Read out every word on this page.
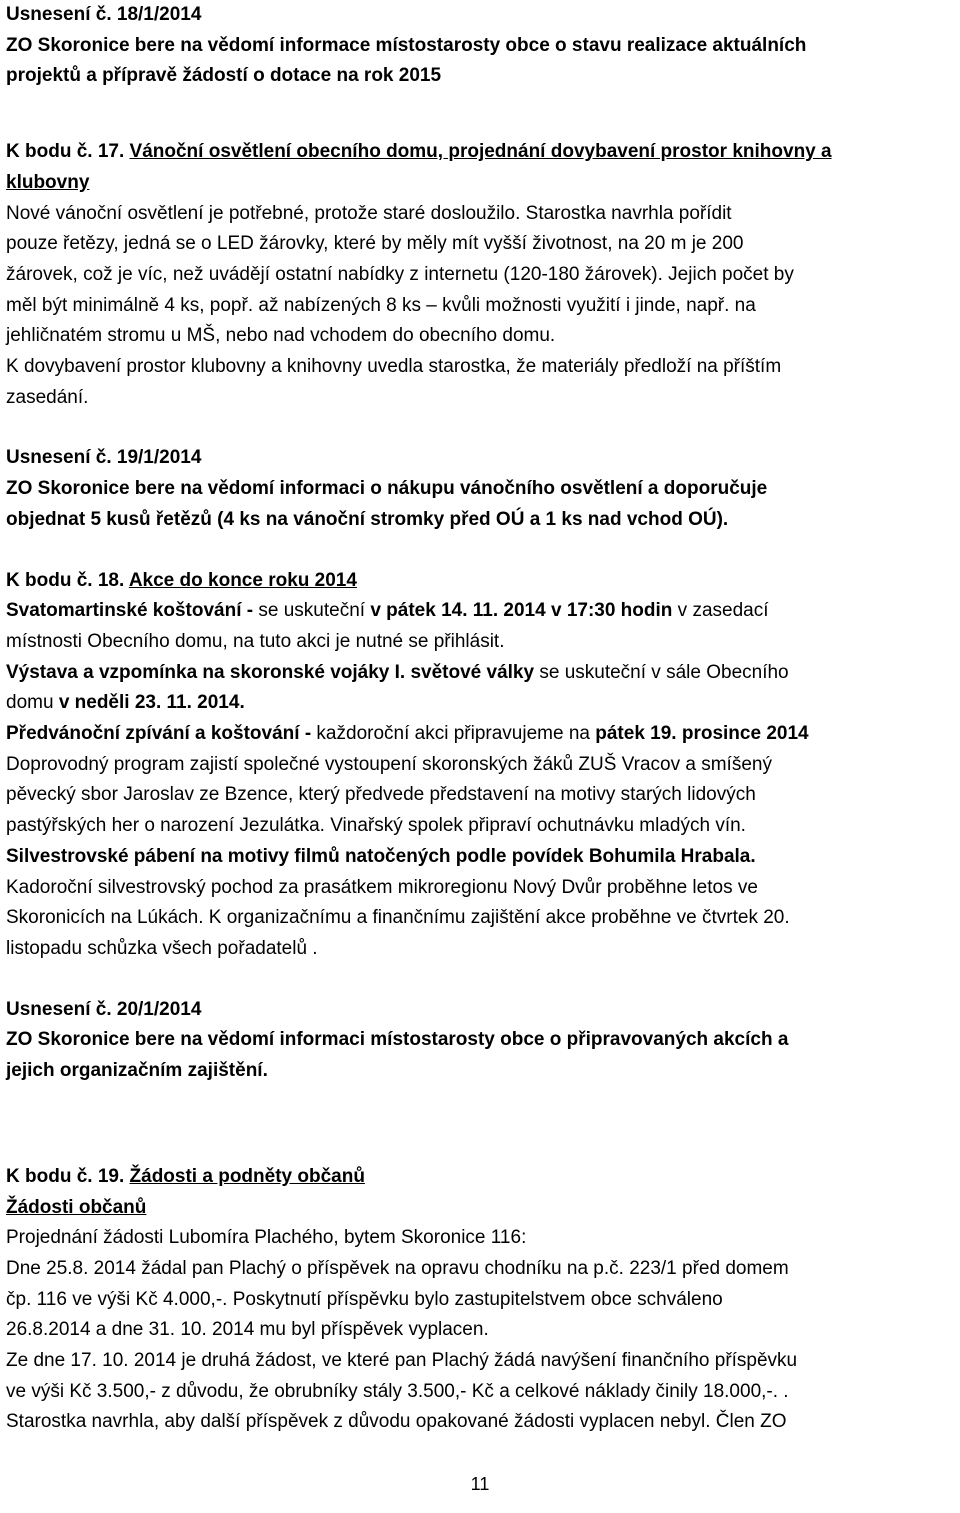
Usnesení č. 18/1/2014

ZO Skoronice bere na vědomí informace místostarosty obce o stavu realizace aktuálních

projektů a přípravě žádostí o dotace na rok 2015

K bodu č. 17. Vánoční osvětlení obecního domu, projednání dovybavení prostor knihovny a

klubovny

Nové vánoční osvětlení je potřebné, protože staré dosloužilo. Starostka navrhla pořídit

pouze řetězy, jedná se o LED žárovky, které by měly mít vyšší životnost, na 20 m je 200

žárovek, což je víc, než uvádějí ostatní nabídky z internetu (120-180 žárovek). Jejich počet by

měl být minimálně 4 ks, popř. až nabízených 8 ks – kvůli možnosti využití i jinde, např. na

jehličnatém stromu u MŠ, nebo nad vchodem do obecního domu.

K dovybavení prostor klubovny a knihovny uvedla starostka, že materiály předloží na příštím

zasedání.

Usnesení č. 19/1/2014

ZO Skoronice bere na vědomí informaci o nákupu vánočního osvětlení a doporučuje

objednat 5 kusů řetězů (4 ks na vánoční stromky před OÚ a 1 ks nad vchod OÚ).

K bodu č. 18. Akce do konce roku 2014

Svatomartinské koštování - se uskuteční v pátek 14. 11. 2014 v 17:30 hodin v zasedací

místnosti Obecního domu, na tuto akci je nutné se přihlásit.

Výstava a vzpomínka na skoronské vojáky I. světové války se uskuteční v sále Obecního

domu v neděli 23. 11. 2014.

Předvánoční zpívání a koštování - každoroční akci připravujeme na pátek 19. prosince 2014

Doprovodný program zajistí společné vystoupení skoronských žáků ZUŠ Vracov a smíšený

pěvecký sbor Jaroslav ze Bzence, který předvede představení na motivy starých lidových

pastýřských her o narození Jezulátka. Vinařský spolek připraví ochutnávku mladých vín.

Silvestrovské pábení na motivy filmů natočených podle povídek Bohumila Hrabala.

Kadoroční silvestrovský pochod za prasátkem mikroregionu Nový Dvůr proběhne letos ve

Skoronicích na Lúkách. K organizačnímu a finančnímu zajištění akce proběhne ve čtvrtek 20.

listopadu schůzka všech pořadatelů .

Usnesení č. 20/1/2014

ZO Skoronice bere na vědomí informaci místostarosty obce o připravovaných akcích a

jejich organizačním zajištění.

K bodu č. 19. Žádosti a podněty občanů

Žádosti občanů

Projednání žádosti Lubomíra Plachého, bytem Skoronice 116:

Dne 25.8. 2014 žádal pan Plachý o příspěvek na opravu chodníku na p.č. 223/1 před domem

čp. 116 ve výši Kč 4.000,-. Poskytnutí příspěvku bylo zastupitelstvem obce schváleno

26.8.2014 a dne 31. 10. 2014 mu byl příspěvek vyplacen.

Ze dne 17. 10. 2014 je druhá žádost, ve které pan Plachý žádá navýšení finančního příspěvku

ve výši Kč 3.500,- z důvodu, že obrubníky stály 3.500,- Kč a celkové náklady činily 18.000,-. .

Starostka navrhla, aby další příspěvek z důvodu opakované žádosti vyplacen nebyl. Člen ZO

11
